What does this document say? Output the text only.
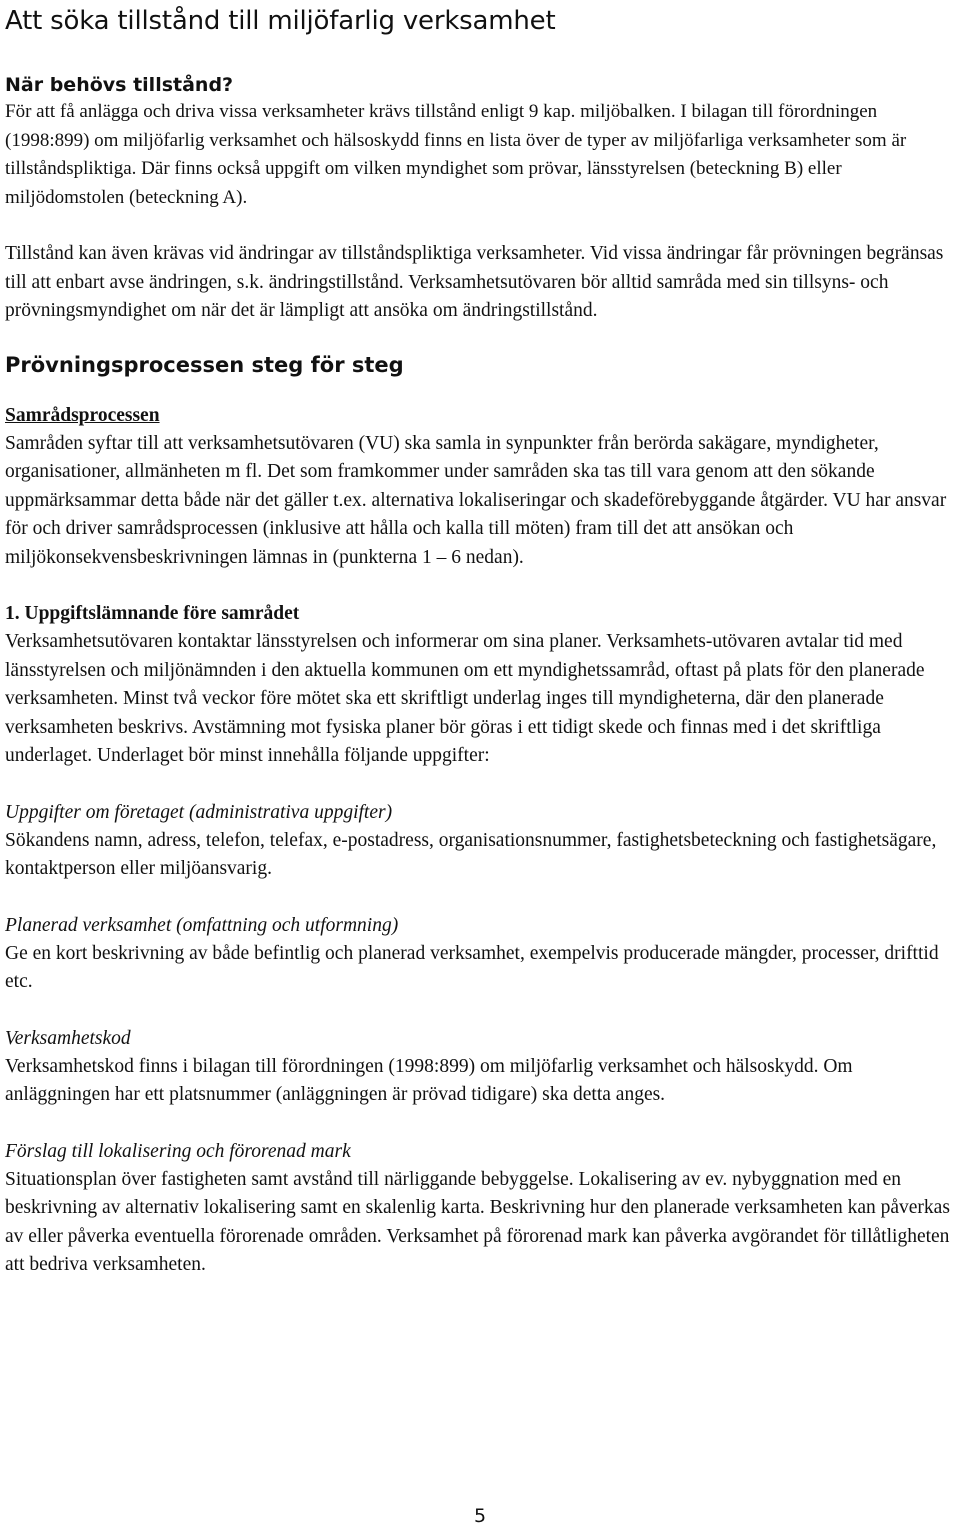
Att söka tillstånd till miljöfarlig verksamhet
När behövs tillstånd?

För att få anlägga och driva vissa verksamheter krävs tillstånd enligt 9 kap. miljöbalken. I bilagan till förordningen (1998:899) om miljöfarlig verksamhet och hälsoskydd finns en lista över de typer av miljöfarliga verksamheter som är tillståndspliktiga. Där finns också uppgift om vilken myndighet som prövar, länsstyrelsen (beteckning B) eller miljödomstolen (beteckning A).

Tillstånd kan även krävas vid ändringar av tillståndspliktiga verksamheter. Vid vissa ändringar får prövningen begränsas till att enbart avse ändringen, s.k. ändringstillstånd. Verksamhetsutövaren bör alltid samråda med sin tillsyns- och prövningsmyndighet om när det är lämpligt att ansöka om ändringstillstånd.

Prövningsprocessen steg för steg
Samrådsprocessen

Samråden syftar till att verksamhetsutövaren (VU) ska samla in synpunkter från berörda sakägare, myndigheter, organisationer, allmänheten m fl. Det som framkommer under samråden ska tas till vara genom att den sökande uppmärksammar detta både när det gäller t.ex. alternativa lokaliseringar och skadeförebyggande åtgärder. VU har ansvar för och driver samrådsprocessen (inklusive att hålla och kalla till möten) fram till det att ansökan och miljökonsekvensbeskrivningen lämnas in (punkterna 1 – 6 nedan).

1. Uppgiftslämnande före samrådet

Verksamhetsutövaren kontaktar länsstyrelsen och informerar om sina planer. Verksamhets-utövaren avtalar tid med länsstyrelsen och miljönämnden i den aktuella kommunen om ett myndighetssamråd, oftast på plats för den planerade verksamheten. Minst två veckor före mötet ska ett skriftligt underlag inges till myndigheterna, där den planerade verksamheten beskrivs. Avstämning mot fysiska planer bör göras i ett tidigt skede och finnas med i det skriftliga underlaget. Underlaget bör minst innehålla följande uppgifter:

Uppgifter om företaget (administrativa uppgifter)

Sökandens namn, adress, telefon, telefax, e-postadress, organisationsnummer, fastighetsbeteckning och fastighetsägare, kontaktperson eller miljöansvarig.

Planerad verksamhet (omfattning och utformning)

Ge en kort beskrivning av både befintlig och planerad verksamhet, exempelvis producerade mängder, processer, drifttid etc.

Verksamhetskod

Verksamhetskod finns i bilagan till förordningen (1998:899) om miljöfarlig verksamhet och hälsoskydd. Om anläggningen har ett platsnummer (anläggningen är prövad tidigare) ska detta anges.

Förslag till lokalisering och förorenad mark

Situationsplan över fastigheten samt avstånd till närliggande bebyggelse. Lokalisering av ev. nybyggnation med en beskrivning av alternativ lokalisering samt en skalenlig karta. Beskrivning hur den planerade verksamheten kan påverkas av eller påverka eventuella förorenade områden. Verksamhet på förorenad mark kan påverka avgörandet för tillåtligheten att bedriva verksamheten.

5
